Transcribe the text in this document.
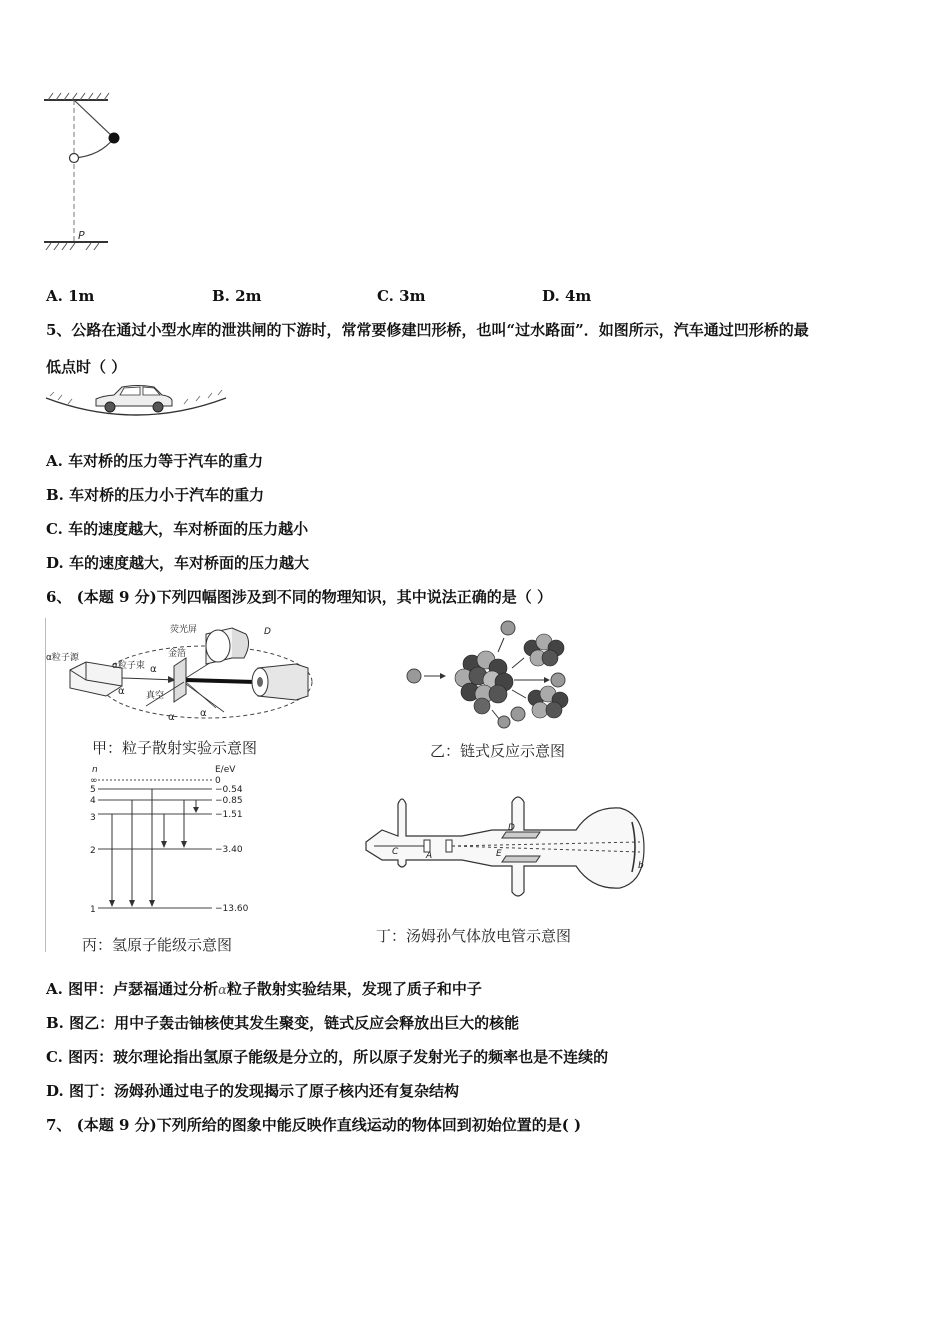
P
A. 1m	B. 2m	C. 3m	D. 4m
5、公路在通过小型水库的泄洪闸的下游时，常常要修建凹形桥，也叫“过水路面”．如图所示，汽车通过凹形桥的最
低点时（ ）
A. 车对桥的压力等于汽车的重力
B. 车对桥的压力小于汽车的重力
C. 车的速度越大，车对桥面的压力越小
D. 车的速度越大，车对桥面的压力越大
6、 (本题 9 分)下列四幅图涉及到不同的物理知识，其中说法正确的是（ ）
α粒子源
α粒子束
荧光屏
金箔
真空
D
α
α
α	α
甲：粒子散射实验示意图	乙：链式反应示意图
n	E/eV
∞
5
4
3
2
1
0
−0.54
−0.85
−1.51
−3.40
−13.60
丙：氢原子能级示意图
C	A
D
E
b
丁：汤姆孙气体放电管示意图
A. 图甲：卢瑟福通过分析α粒子散射实验结果，发现了质子和中子
B. 图乙：用中子轰击铀核使其发生聚变，链式反应会释放出巨大的核能
C. 图丙：玻尔理论指出氢原子能级是分立的，所以原子发射光子的频率也是不连续的
D. 图丁：汤姆孙通过电子的发现揭示了原子核内还有复杂结构
7、 (本题 9 分)下列所给的图象中能反映作直线运动的物体回到初始位置的是( )
